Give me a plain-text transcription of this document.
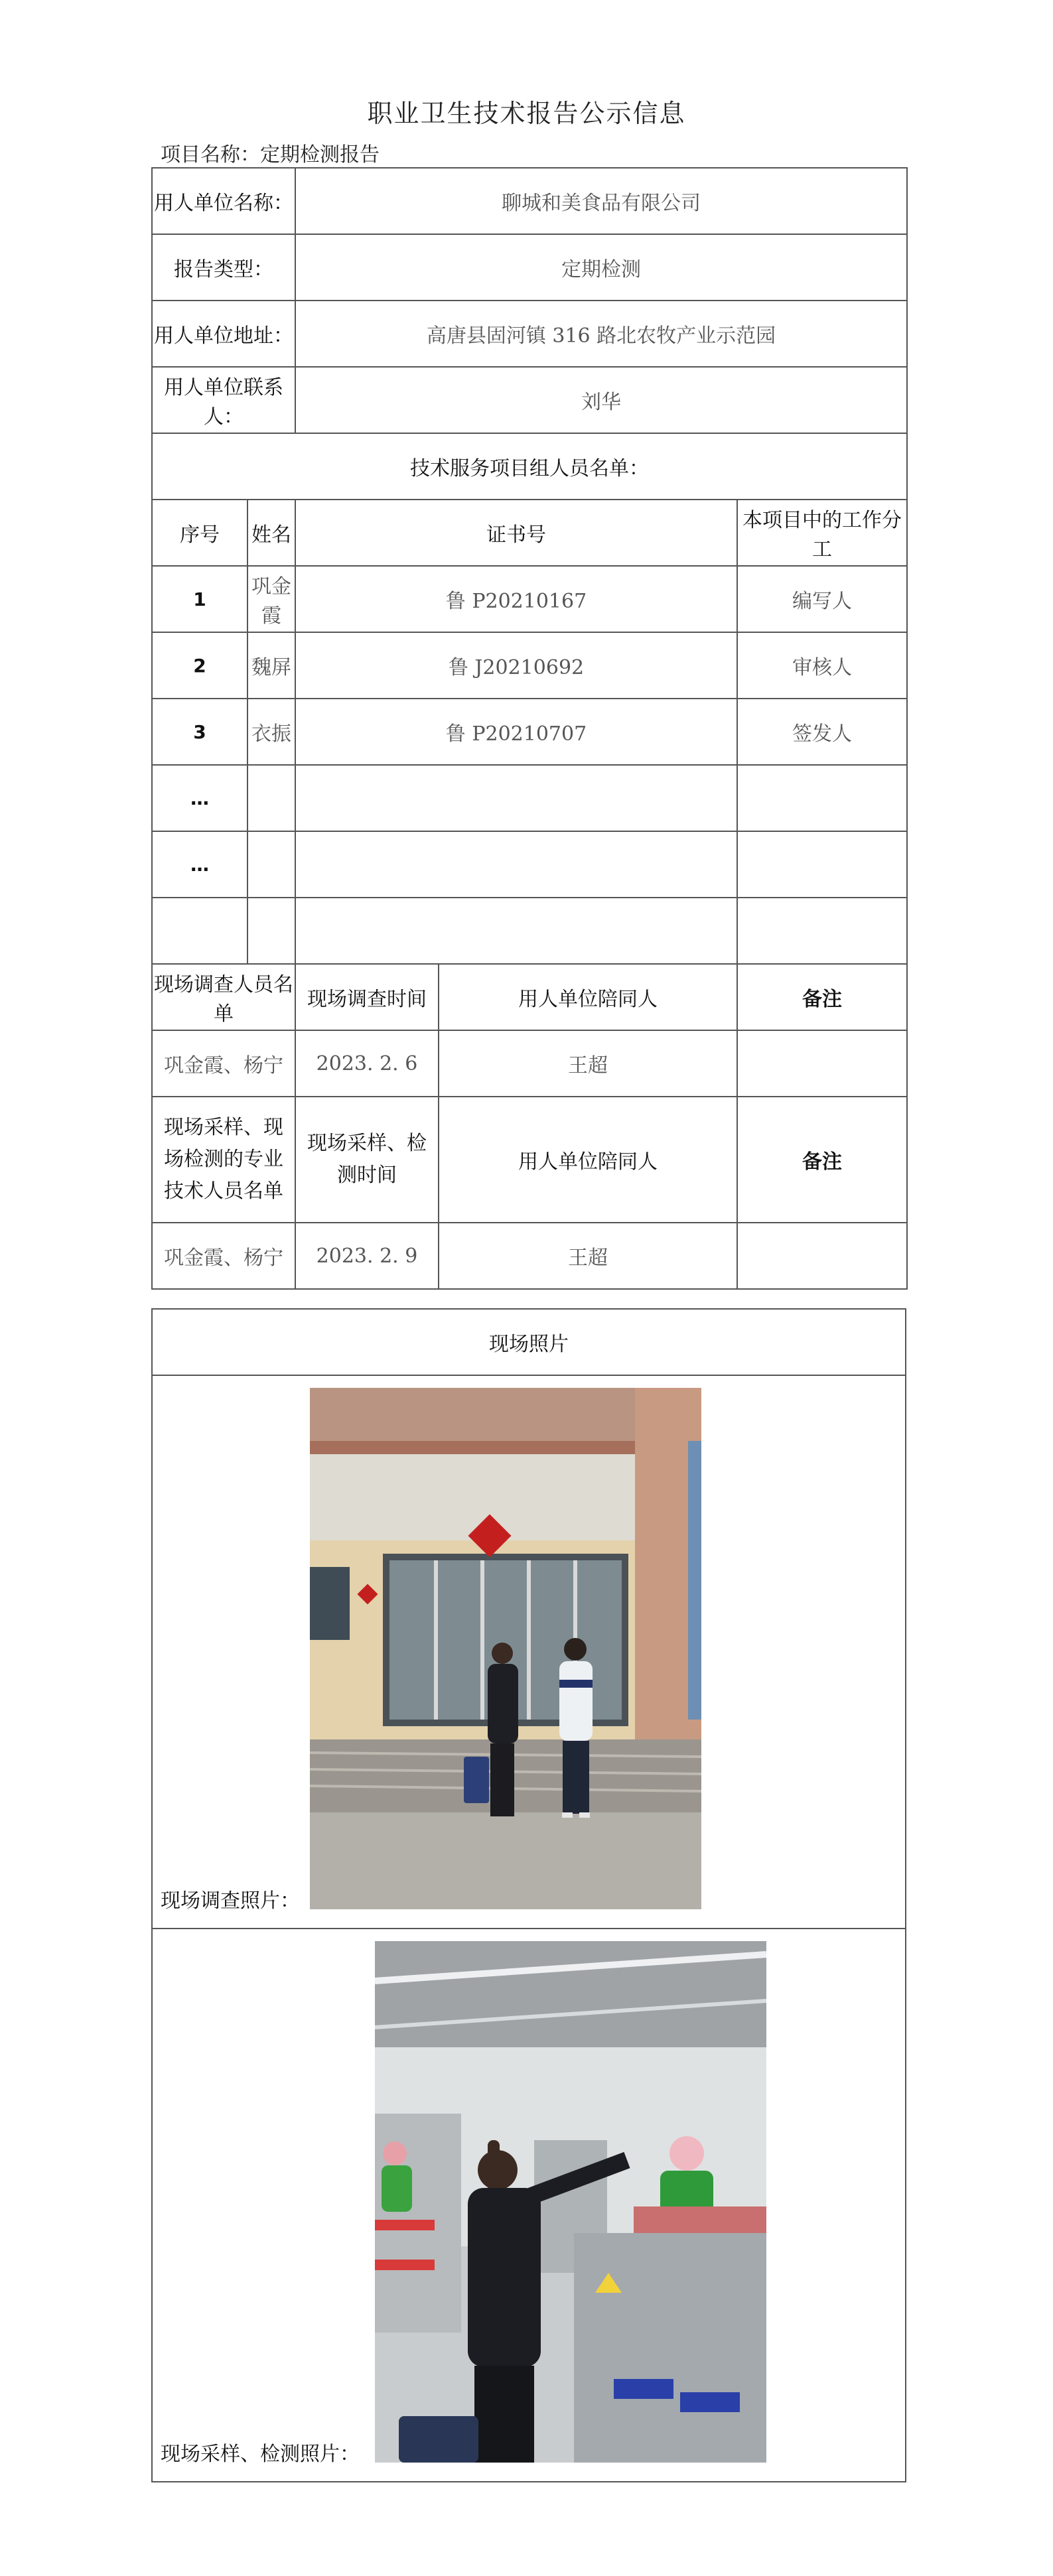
职业卫生技术报告公示信息
项目名称：定期检测报告
用人单位名称：		聊城和美食品有限公司		
报告类型：		定期检测		
用人单位地址：		高唐县固河镇 316 路北农牧产业示范园		
用人单位联系人：		刘华		
技术服务项目组人员名单：				
序号	姓名	证书号		本项目中的工作分工
1	巩金霞	鲁 P20210167		编写人
2	魏屏	鲁 J20210692		审核人
3	衣振	鲁 P20210707		签发人
…				
…				

现场调查人员名单		现场调查时间	用人单位陪同人	备注
巩金霞、杨宁		2023. 2. 6	王超	
现场采样、现场检测的专业技术人员名单		现场采样、检测时间	用人单位陪同人	备注
巩金霞、杨宁		2023. 2. 9	王超	
现场照片

现场调查照片：

现场采样、检测照片：
